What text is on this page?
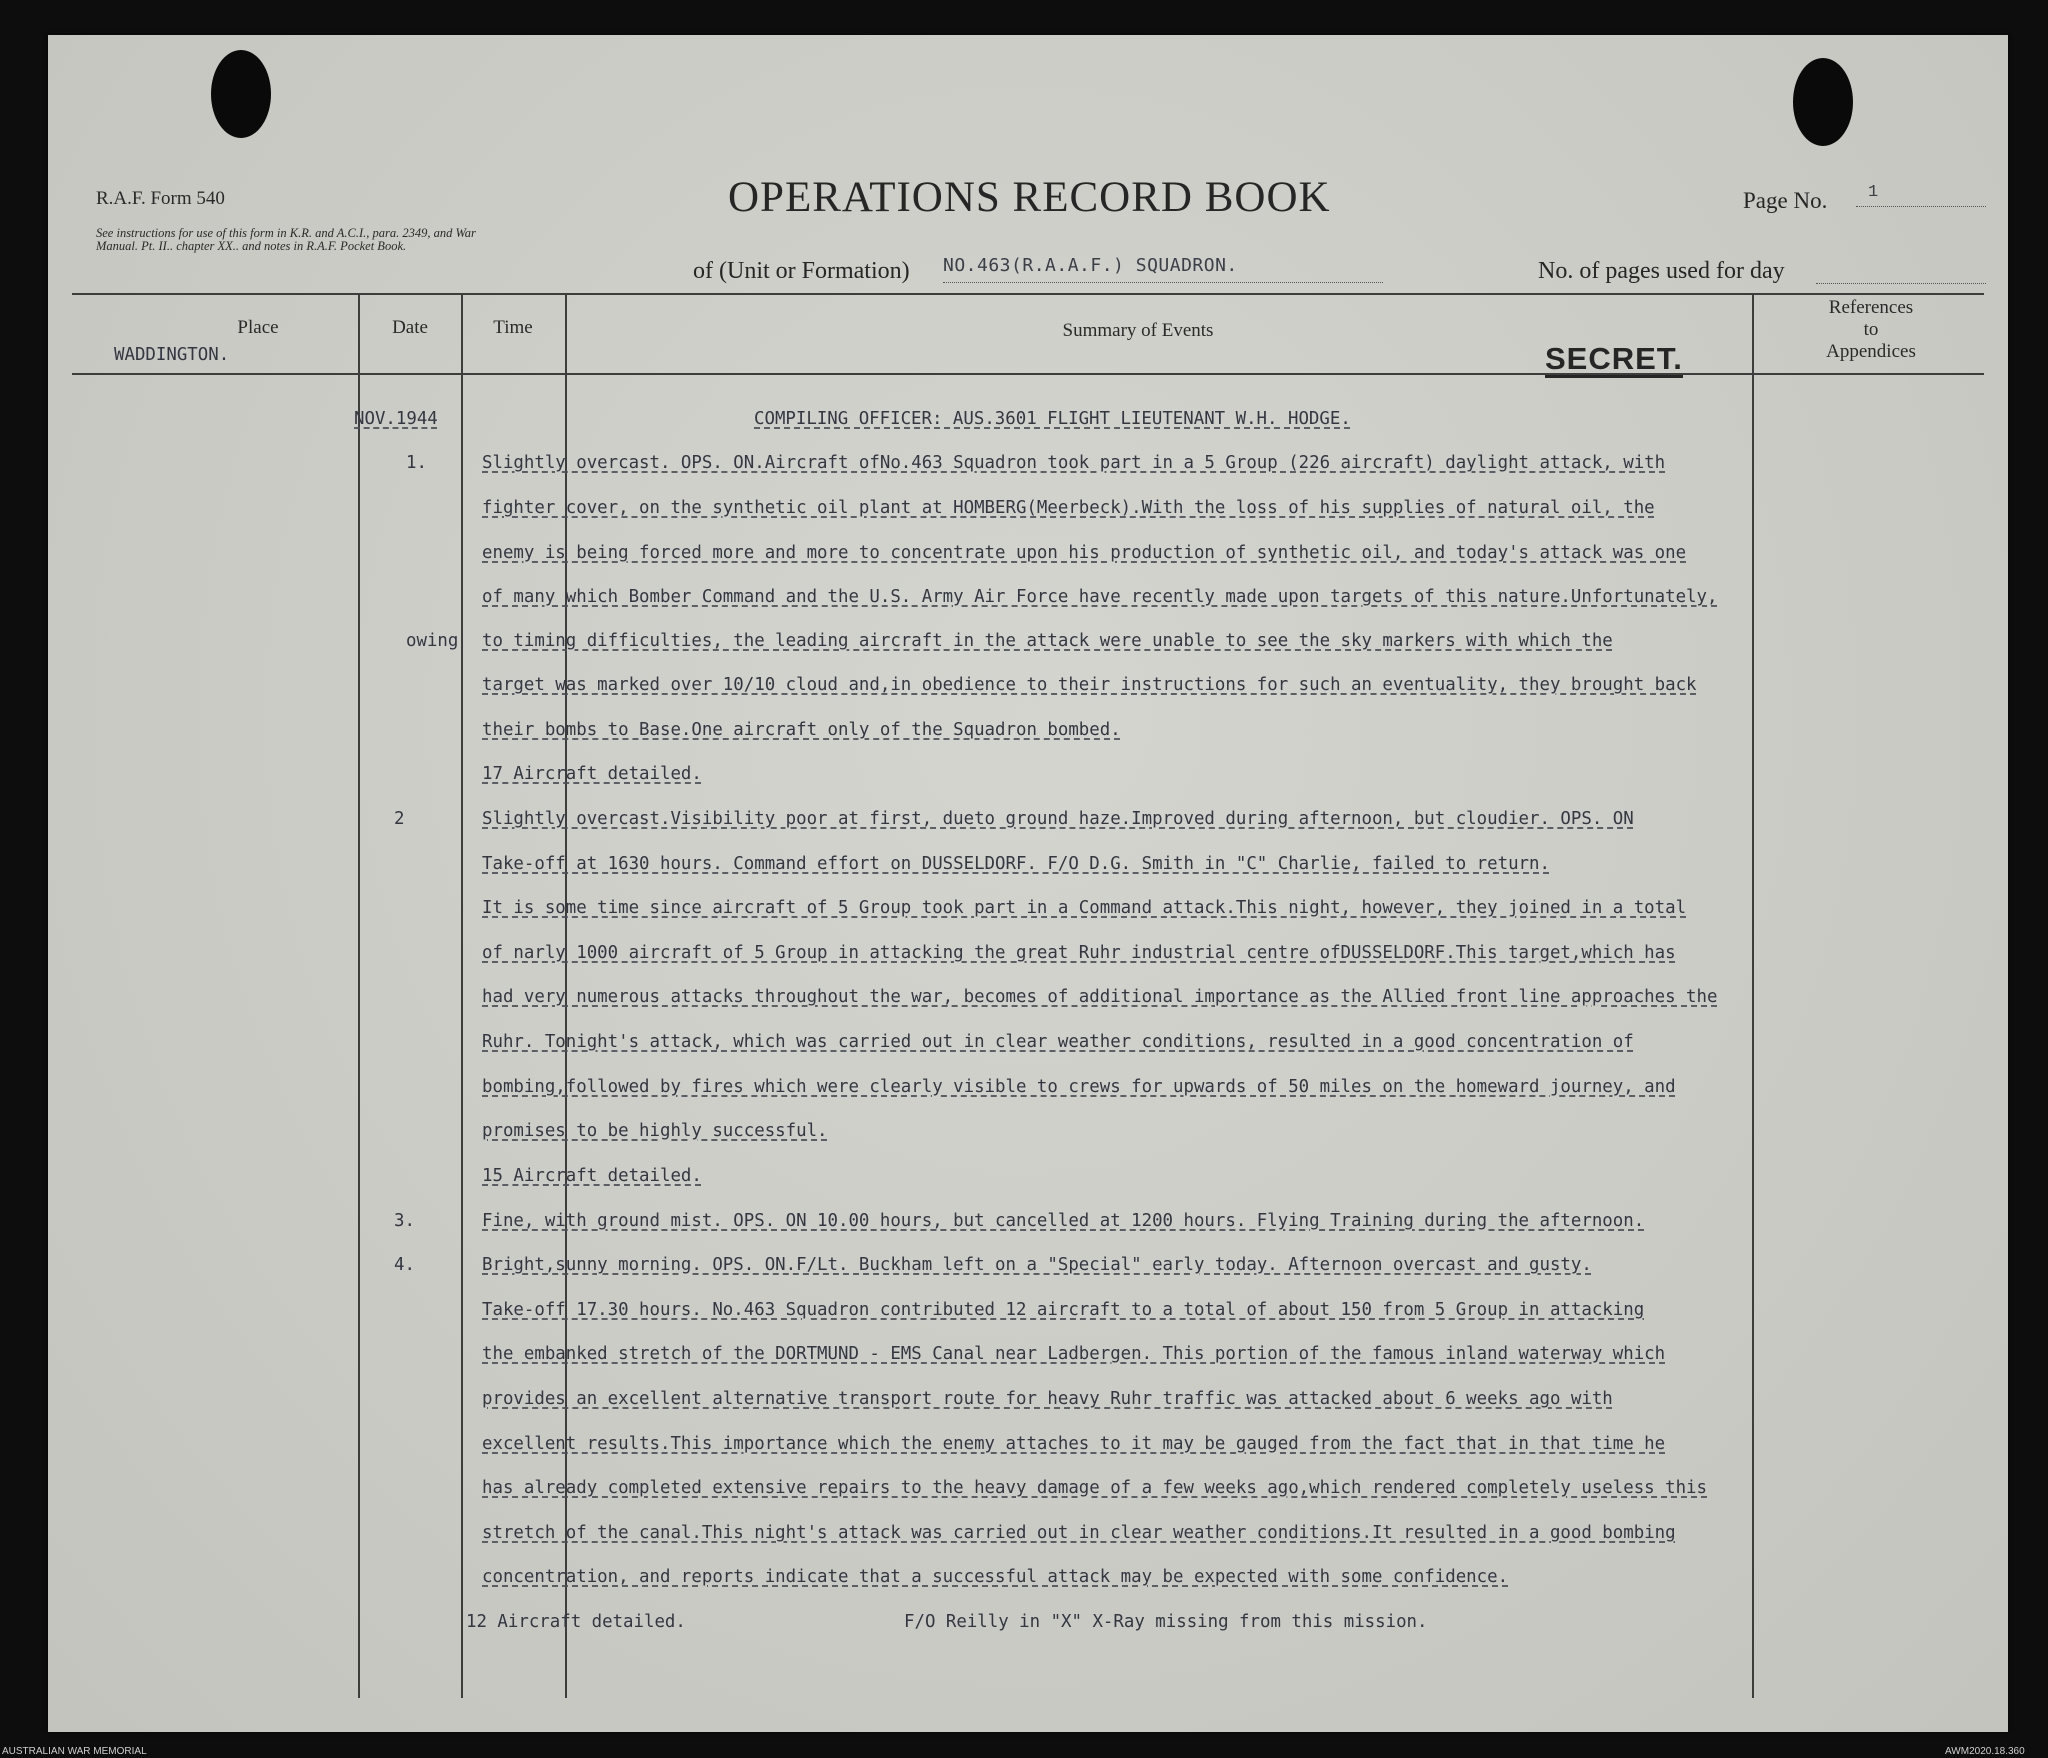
R.A.F. Form 540
See instructions for use of this form in K.R. and A.C.I., para. 2349, and War Manual. Pt. II.. chapter XX.. and notes in R.A.F. Pocket Book.
OPERATIONS RECORD BOOK	Page No.	1
of (Unit or Formation) NO.463(R.A.A.F.) SQUADRON.	No. of pages used for day
Place	Date	Time	Summary of Events
References
to
Appendices
SECRET.
WADDINGTON.
NOV.1944	COMPILING OFFICER: AUS.3601 FLIGHT LIEUTENANT W.H. HODGE.
1.	Slightly overcast. OPS. ON.Aircraft ofNo.463 Squadron took part in a 5 Group (226 aircraft) daylight attack, with
fighter cover, on the synthetic oil plant at HOMBERG(Meerbeck).With the loss of his supplies of natural oil, the
enemy is being forced more and more to concentrate upon his production of synthetic oil, and today's attack was one
of many which Bomber Command and the U.S. Army Air Force have recently made upon targets of this nature.Unfortunately,
owing to timing difficulties, the leading aircraft in the attack were unable to see the sky markers with which the
target was marked over 10/10 cloud and,in obedience to their instructions for such an eventuality, they brought back
their bombs to Base.One aircraft only of the Squadron bombed.
17 Aircraft detailed.
2	Slightly overcast.Visibility poor at first, dueto ground haze.Improved during afternoon, but cloudier. OPS. ON
Take-off at 1630 hours. Command effort on DUSSELDORF. F/O D.G. Smith in "C" Charlie, failed to return.
It is some time since aircraft of 5 Group took part in a Command attack.This night, however, they joined in a total
of narly 1000 aircraft of 5 Group in attacking the great Ruhr industrial centre ofDUSSELDORF.This target,which has
had very numerous attacks throughout the war, becomes of additional importance as the Allied front line approaches the
Ruhr. Tonight's attack, which was carried out in clear weather conditions, resulted in a good concentration of
bombing,followed by fires which were clearly visible to crews for upwards of 50 miles on the homeward journey, and
promises to be highly successful.
15 Aircraft detailed.
3.	Fine, with ground mist. OPS. ON 10.00 hours, but cancelled at 1200 hours. Flying Training during the afternoon.
4.	Bright,sunny morning. OPS. ON.F/Lt. Buckham left on a "Special" early today. Afternoon overcast and gusty.
Take-off 17.30 hours. No.463 Squadron contributed 12 aircraft to a total of about 150 from 5 Group in attacking
the embanked stretch of the DORTMUND - EMS Canal near Ladbergen. This portion of the famous inland waterway which
provides an excellent alternative transport route for heavy Ruhr traffic was attacked about 6 weeks ago with
excellent results.This importance which the enemy attaches to it may be gauged from the fact that in that time he
has already completed extensive repairs to the heavy damage of a few weeks ago,which rendered completely useless this
stretch of the canal.This night's attack was carried out in clear weather conditions.It resulted in a good bombing
concentration, and reports indicate that a successful attack may be expected with some confidence.
12 Aircraft detailed.	F/O Reilly in "X" X-Ray missing from this mission.
AUSTRALIAN WAR MEMORIAL	AWM2020.18.360
